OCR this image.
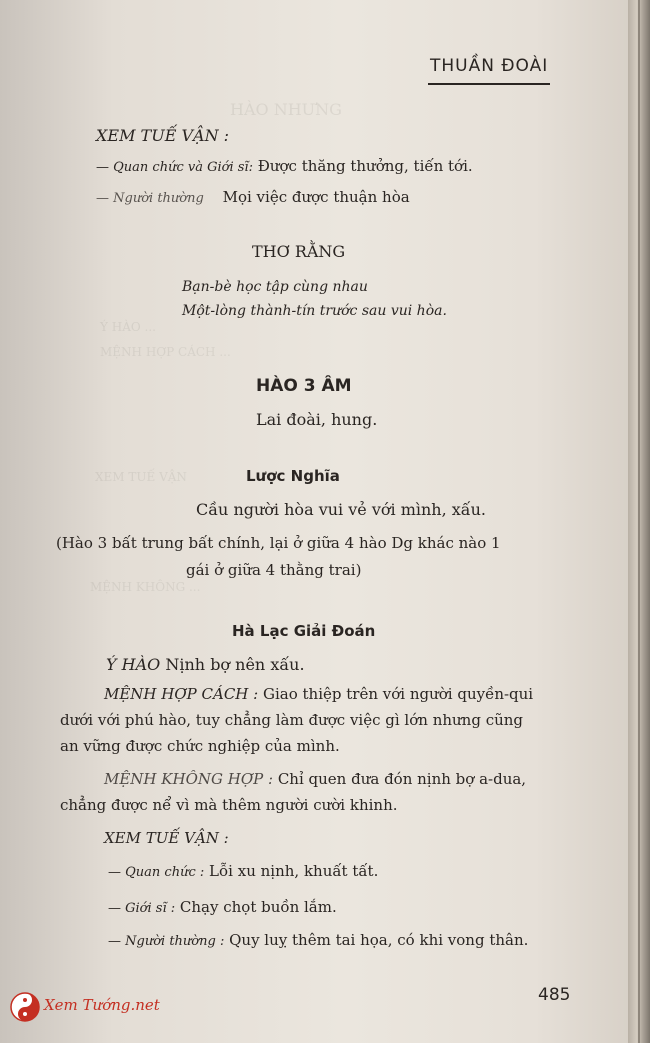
HÀO NHƯNG
Ý HÀO ...
MỆNH HỢP CÁCH ...
XEM TUẾ VẬN
MỆNH KHÔNG ...
THUẦN ĐOÀI
XEM TUẾ VẬN :
— Quan chức và Giới sĩ: Được thăng thưởng, tiến tới.
— Người thường Mọi việc được thuận hòa
THƠ RẰNG
Bạn-bè học tập cùng nhau
Một-lòng thành-tín trước sau vui hòa.
HÀO 3 ÂM
Lai đoài, hung.
Lược Nghĩa
Cầu người hòa vui vẻ với mình, xấu.
(Hào 3 bất trung bất chính, lại ở giữa 4 hào Dg khác nào 1
gái ở giữa 4 thằng trai)
Hà Lạc Giải Đoán
Ý HÀO Nịnh bợ nên xấu.
MỆNH HỢP CÁCH : Giao thiệp trên với người quyền-qui
dưới với phú hào, tuy chẳng làm được việc gì lớn nhưng cũng
an vững được chức nghiệp của mình.
MỆNH KHÔNG HỢP : Chỉ quen đưa đón nịnh bợ a-dua,
chẳng được nể vì mà thêm người cười khinh.
XEM TUẾ VẬN :
— Quan chức : Lỗi xu nịnh, khuất tất.
— Giới sĩ : Chạy chọt buồn lắm.
— Người thường : Quy luỵ thêm tai họa, có khi vong thân.
Xem Tướng.net	485
